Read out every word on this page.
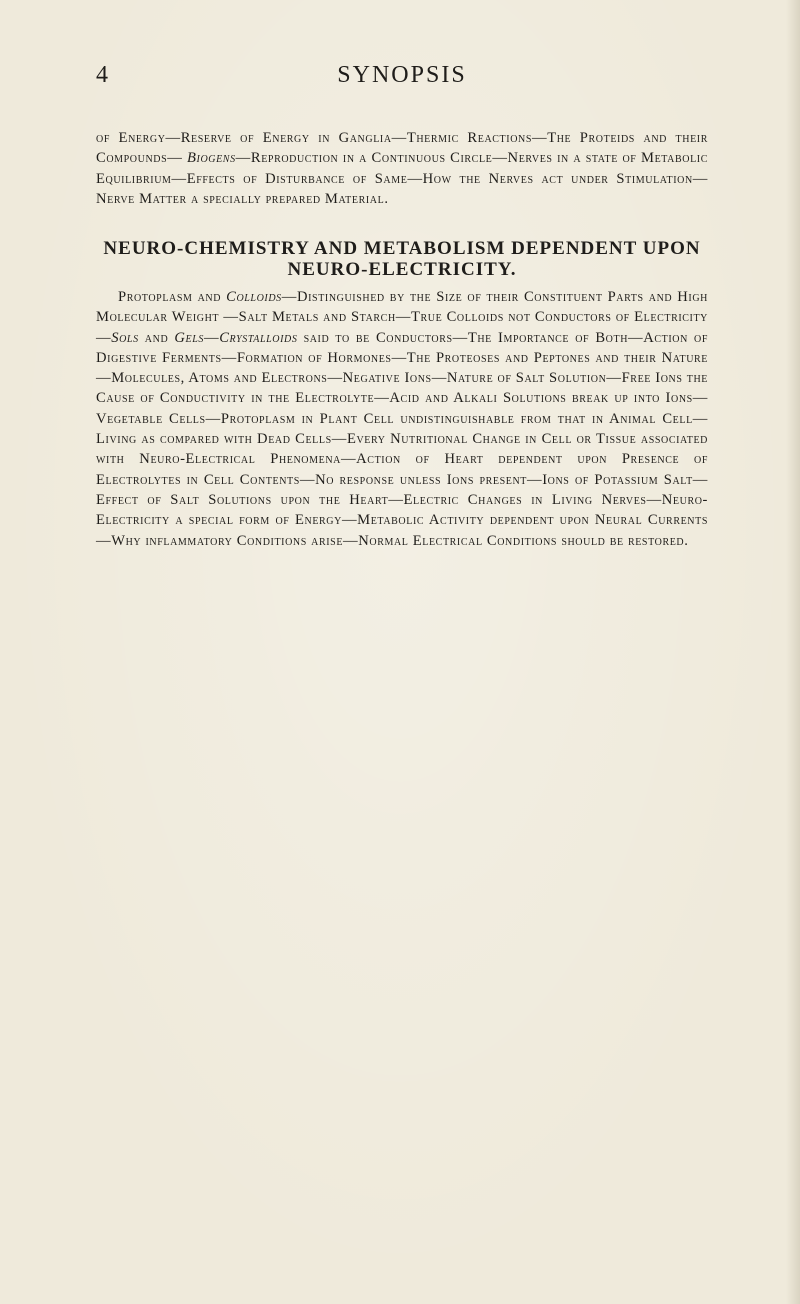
4	SYNOPSIS

of Energy—Reserve of Energy in Ganglia—Thermic Reactions—The Proteids and their Compounds— Biogens—Reproduction in a Continuous Circle—Nerves in a state of Metabolic Equilibrium—Effects of Disturbance of Same—How the Nerves act under Stimulation—Nerve Matter a specially prepared Material.

NEURO-CHEMISTRY AND METABOLISM DEPENDENT UPON NEURO-ELECTRICITY.

Protoplasm and Colloids—Distinguished by the Size of their Constituent Parts and High Molecular Weight —Salt Metals and Starch—True Colloids not Conductors of Electricity—Sols and Gels—Crystalloids said to be Conductors—The Importance of Both—Action of Digestive Ferments—Formation of Hormones—The Proteoses and Peptones and their Nature —Molecules, Atoms and Electrons—Negative Ions—Nature of Salt Solution—Free Ions the Cause of Conductivity in the Electrolyte—Acid and Alkali Solutions break up into Ions—Vegetable Cells—Protoplasm in Plant Cell undistinguishable from that in Animal Cell—Living as compared with Dead Cells—Every Nutritional Change in Cell or Tissue associated with Neuro-Electrical Phenomena—Action of Heart dependent upon Presence of Electrolytes in Cell Contents—No response unless Ions present—Ions of Potassium Salt—Effect of Salt Solutions upon the Heart—Electric Changes in Living Nerves—Neuro-Electricity a special form of Energy—Metabolic Activity dependent upon Neural Currents—Why inflammatory Conditions arise—Normal Electrical Conditions should be restored.
